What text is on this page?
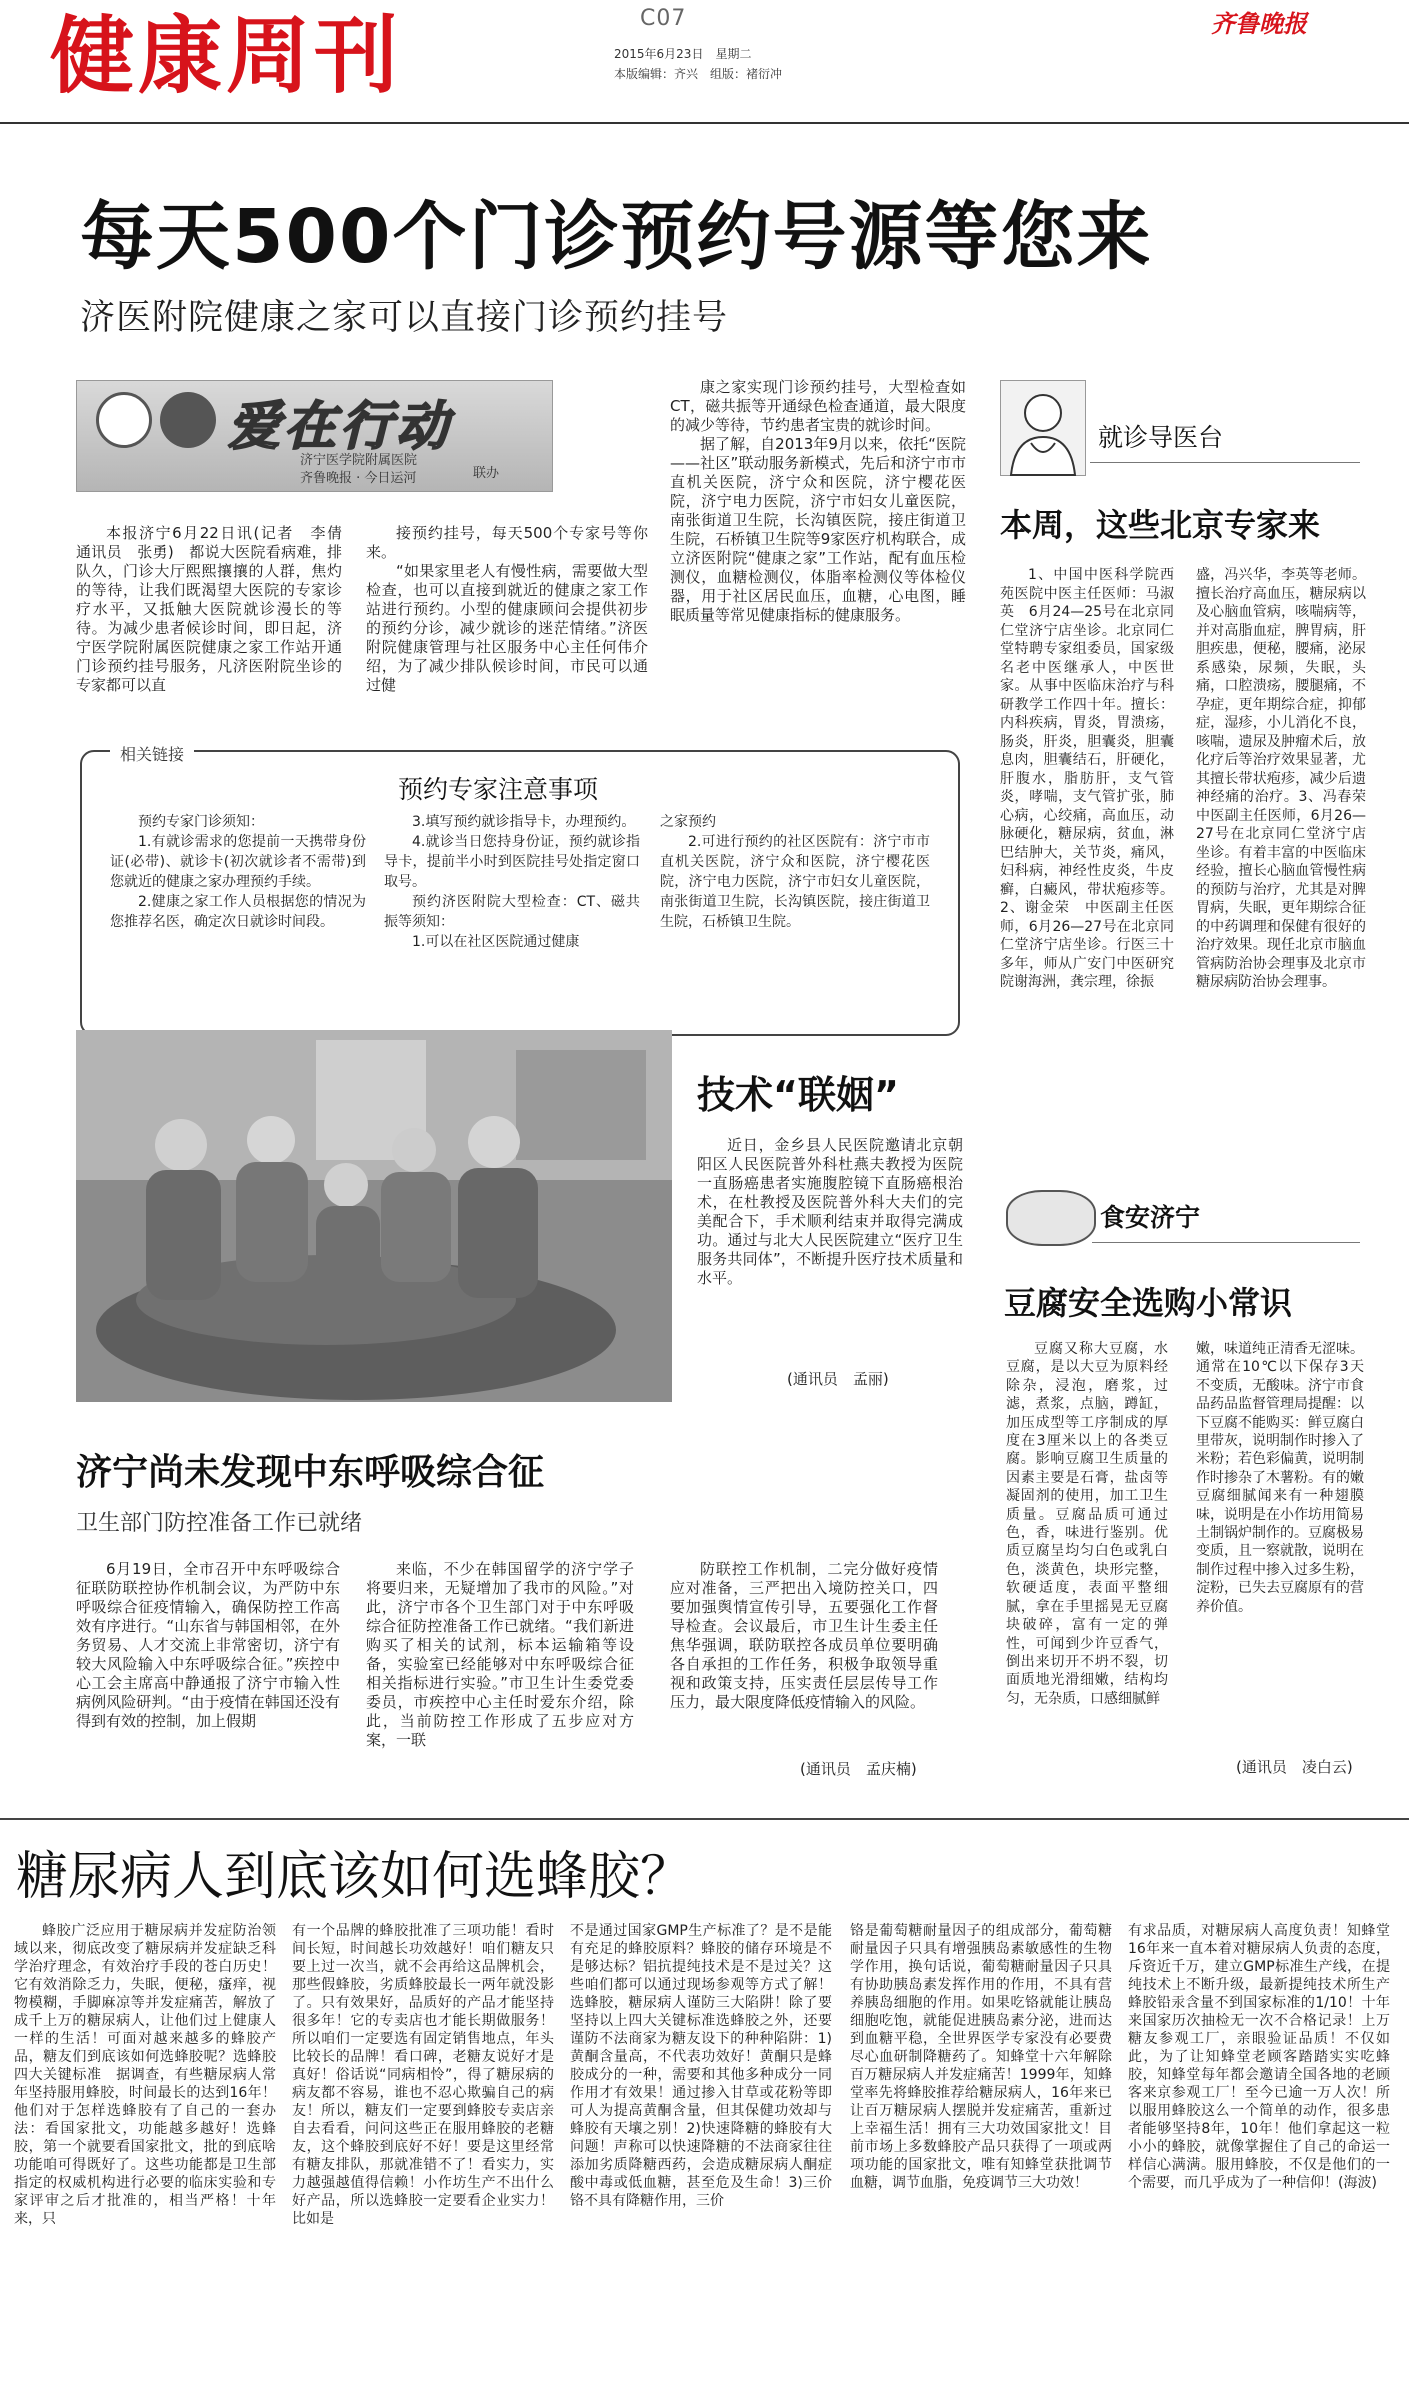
健康周刊	C07
2015年6月23日　星期二
本版编辑：齐兴　组版：褚衍冲
齐鲁晚报
每天500个门诊预约号源等您来
济医附院健康之家可以直接门诊预约挂号
爱在行动
济宁医学院附属医院
齐鲁晚报 · 今日运河	联办

本报济宁6月22日讯(记者　李倩　通讯员　张勇)　都说大医院看病难，排队久，门诊大厅熙熙攘攘的人群，焦灼的等待，让我们既渴望大医院的专家诊疗水平，又抵触大医院就诊漫长的等待。为减少患者候诊时间，即日起，济宁医学院附属医院健康之家工作站开通门诊预约挂号服务，凡济医附院坐诊的专家都可以直

接预约挂号，每天500个专家号等你来。

“如果家里老人有慢性病，需要做大型检查，也可以直接到就近的健康之家工作站进行预约。小型的健康顾问会提供初步的预约分诊，减少就诊的迷茫情绪。”济医附院健康管理与社区服务中心主任何伟介绍，为了减少排队候诊时间，市民可以通过健

康之家实现门诊预约挂号，大型检查如CT，磁共振等开通绿色检查通道，最大限度的减少等待，节约患者宝贵的就诊时间。

据了解，自2013年9月以来，依托“医院——社区”联动服务新模式，先后和济宁市市直机关医院，济宁众和医院，济宁樱花医院，济宁电力医院，济宁市妇女儿童医院，南张街道卫生院，长沟镇医院，接庄街道卫生院，石桥镇卫生院等9家医疗机构联合，成立济医附院“健康之家”工作站，配有血压检测仪，血糖检测仪，体脂率检测仪等体检仪器，用于社区居民血压，血糖，心电图，睡眠质量等常见健康指标的健康服务。

相关链接
预约专家注意事项

预约专家门诊须知：

1.有就诊需求的您提前一天携带身份证(必带)、就诊卡(初次就诊者不需带)到您就近的健康之家办理预约手续。

2.健康之家工作人员根据您的情况为您推荐名医，确定次日就诊时间段。

3.填写预约就诊指导卡，办理预约。

4.就诊当日您持身份证，预约就诊指导卡，提前半小时到医院挂号处指定窗口取号。

预约济医附院大型检查：CT、磁共振等须知：

1.可以在社区医院通过健康

之家预约

2.可进行预约的社区医院有：济宁市市直机关医院，济宁众和医院，济宁樱花医院，济宁电力医院，济宁市妇女儿童医院，南张街道卫生院，长沟镇医院，接庄街道卫生院，石桥镇卫生院。

技术“联姻”

近日，金乡县人民医院邀请北京朝阳区人民医院普外科杜燕夫教授为医院一直肠癌患者实施腹腔镜下直肠癌根治术，在杜教授及医院普外科大夫们的完美配合下，手术顺利结束并取得完满成功。通过与北大人民医院建立“医疗卫生服务共同体”，不断提升医疗技术质量和水平。

(通讯员　孟丽)
济宁尚未发现中东呼吸综合征
卫生部门防控准备工作已就绪

6月19日，全市召开中东呼吸综合征联防联控协作机制会议，为严防中东呼吸综合征疫情输入，确保防控工作高效有序进行。“山东省与韩国相邻，在外务贸易、人才交流上非常密切，济宁有较大风险输入中东呼吸综合征。”疾控中心工会主席高中静通报了济宁市输入性病例风险研判。“由于疫情在韩国还没有得到有效的控制，加上假期

来临，不少在韩国留学的济宁学子将要归来，无疑增加了我市的风险。”对此，济宁市各个卫生部门对于中东呼吸综合征防控准备工作已就绪。“我们新进购买了相关的试剂，标本运输箱等设备，实验室已经能够对中东呼吸综合征相关指标进行实验。”市卫生计生委党委委员，市疾控中心主任时爱东介绍，除此，当前防控工作形成了五步应对方案，一联

防联控工作机制，二完分做好疫情应对准备，三严把出入境防控关口，四要加强舆情宣传引导，五要强化工作督导检查。会议最后，市卫生计生委主任焦华强调，联防联控各成员单位要明确各自承担的工作任务，积极争取领导重视和政策支持，压实责任层层传导工作压力，最大限度降低疫情输入的风险。

(通讯员　孟庆楠)
就诊导医台
本周，这些北京专家来

1、中国中医科学院西苑医院中医主任医师：马淑英　6月24—25号在北京同仁堂济宁店坐诊。北京同仁堂特聘专家组委员，国家级名老中医继承人，中医世家。从事中医临床治疗与科研教学工作四十年。擅长：内科疾病，胃炎，胃溃疡，肠炎，肝炎，胆囊炎，胆囊息肉，胆囊结石，肝硬化，肝腹水，脂肪肝，支气管炎，哮喘，支气管扩张，肺心病，心绞痛，高血压，动脉硬化，糖尿病，贫血，淋巴结肿大，关节炎，痛风，妇科病，神经性皮炎，牛皮癣，白癜风，带状疱疹等。2、谢金荣　中医副主任医师，6月26—27号在北京同仁堂济宁店坐诊。行医三十多年，师从广安门中医研究院谢海洲，龚宗理，徐振

盛，冯兴华，李英等老师。擅长治疗高血压，糖尿病以及心脑血管病，咳喘病等，并对高脂血症，脾胃病，肝胆疾患，便秘，腰痛，泌尿系感染，尿频，失眠，头痛，口腔溃疡，腰腿痛，不孕症，更年期综合症，抑郁症，湿疹，小儿消化不良，咳喘，遗尿及肿瘤术后，放化疗后等治疗效果显著，尤其擅长带状疱疹，减少后遗神经痛的治疗。3、冯春荣　中医副主任医师，6月26—27号在北京同仁堂济宁店坐诊。有着丰富的中医临床经验，擅长心脑血管慢性病的预防与治疗，尤其是对脾胃病，失眠，更年期综合征的中药调理和保健有很好的治疗效果。现任北京市脑血管病防治协会理事及北京市糖尿病防治协会理事。

食安济宁
豆腐安全选购小常识

豆腐又称大豆腐，水豆腐，是以大豆为原料经除杂，浸泡，磨浆，过滤，煮浆，点脑，蹲缸，加压成型等工序制成的厚度在3厘米以上的各类豆腐。影响豆腐卫生质量的因素主要是石膏，盐卤等凝固剂的使用，加工卫生质量。豆腐品质可通过色，香，味进行鉴别。优质豆腐呈均匀白色或乳白色，淡黄色，块形完整，软硬适度，表面平整细腻，拿在手里摇晃无豆腐块破碎，富有一定的弹性，可闻到少许豆香气，倒出来切开不坍不裂，切面质地光滑细嫩，结构均匀，无杂质，口感细腻鲜

嫩，味道纯正清香无涩味。通常在10℃以下保存3天不变质，无酸味。济宁市食品药品监督管理局提醒：以下豆腐不能购买：鲜豆腐白里带灰，说明制作时掺入了米粉；若色彩偏黄，说明制作时掺杂了木薯粉。有的嫩豆腐细腻闻来有一种翅膜味，说明是在小作坊用简易土制锅炉制作的。豆腐极易变质，且一察就散，说明在制作过程中掺入过多生粉，淀粉，已失去豆腐原有的营养价值。

(通讯员　凌白云)
糖尿病人到底该如何选蜂胶？

蜂胶广泛应用于糖尿病并发症防治领域以来，彻底改变了糖尿病并发症缺乏科学治疗理念，有效治疗手段的苍白历史！它有效消除乏力，失眠，便秘，瘙痒，视物模糊，手脚麻凉等并发症痛苦，解放了成千上万的糖尿病人，让他们过上健康人一样的生活！可面对越来越多的蜂胶产品，糖友们到底该如何选蜂胶呢？选蜂胶四大关键标准　据调查，有些糖尿病人常年坚持服用蜂胶，时间最长的达到16年！他们对于怎样选蜂胶有了自己的一套办法：看国家批文，功能越多越好！选蜂胶，第一个就要看国家批文，批的到底啥功能咱可得既好了。这些功能都是卫生部指定的权威机构进行必要的临床实验和专家评审之后才批准的，相当严格！十年来，只

有一个品牌的蜂胶批准了三项功能！看时间长短，时间越长功效越好！咱们糖友只要上过一次当，就不会再给这品牌机会，那些假蜂胶，劣质蜂胶最长一两年就没影了。只有效果好，品质好的产品才能坚持很多年！它的专卖店也才能长期做服务！所以咱们一定要选有固定销售地点，年头比较长的品牌！看口碑，老糖友说好才是真好！俗话说“同病相怜”，得了糖尿病的病友都不容易，谁也不忍心欺骗自己的病友！所以，糖友们一定要到蜂胶专卖店亲自去看看，问问这些正在服用蜂胶的老糖友，这个蜂胶到底好不好！要是这里经常有糖友排队，那就准错不了！看实力，实力越强越值得信赖！小作坊生产不出什么好产品，所以选蜂胶一定要看企业实力！比如是

不是通过国家GMP生产标准了？是不是能有充足的蜂胶原料？蜂胶的储存环境是不是够达标？铝抗提纯技术是不是过关？这些咱们都可以通过现场参观等方式了解！选蜂胶，糖尿病人谨防三大陷阱！除了要坚持以上四大关键标准选蜂胶之外，还要谨防不法商家为糖友设下的种种陷阱：1)黄酮含量高，不代表功效好！黄酮只是蜂胶成分的一种，需要和其他多种成分一同作用才有效果！通过掺入甘草或花粉等即可人为提高黄酮含量，但其保健功效却与蜂胶有天壤之别！2)快速降糖的蜂胶有大问题！声称可以快速降糖的不法商家往往添加劣质降糖西药，会造成糖尿病人酮症酸中毒或低血糖，甚至危及生命！3)三价铬不具有降糖作用，三价

铬是葡萄糖耐量因子的组成部分，葡萄糖耐量因子只具有增强胰岛素敏感性的生物学作用，换句话说，葡萄糖耐量因子只具有协助胰岛素发挥作用的作用，不具有营养胰岛细胞的作用。如果吃铬就能让胰岛细胞吃饱，就能促进胰岛素分泌，进而达到血糖平稳，全世界医学专家没有必要费尽心血研制降糖药了。知蜂堂十六年解除百万糖尿病人并发症痛苦！1999年，知蜂堂率先将蜂胶推荐给糖尿病人，16年来已让百万糖尿病人摆脱并发症痛苦，重新过上幸福生活！拥有三大功效国家批文！目前市场上多数蜂胶产品只获得了一项或两项功能的国家批文，唯有知蜂堂获批调节血糖，调节血脂，免疫调节三大功效！

有求品质，对糖尿病人高度负责！知蜂堂16年来一直本着对糖尿病人负责的态度，斥资近千万，建立GMP标准生产线，在提纯技术上不断升级，最新提纯技术所生产蜂胶铅汞含量不到国家标准的1/10！十年来国家历次抽检无一次不合格记录！上万糖友参观工厂，亲眼验证品质！不仅如此，为了让知蜂堂老顾客踏踏实实吃蜂胶，知蜂堂每年都会邀请全国各地的老顾客来京参观工厂！至今已逾一万人次！所以服用蜂胶这么一个简单的动作，很多患者能够坚持8年，10年！他们拿起这一粒小小的蜂胶，就像掌握住了自己的命运一样信心满满。服用蜂胶，不仅是他们的一个需要，而几乎成为了一种信仰！(海波)
